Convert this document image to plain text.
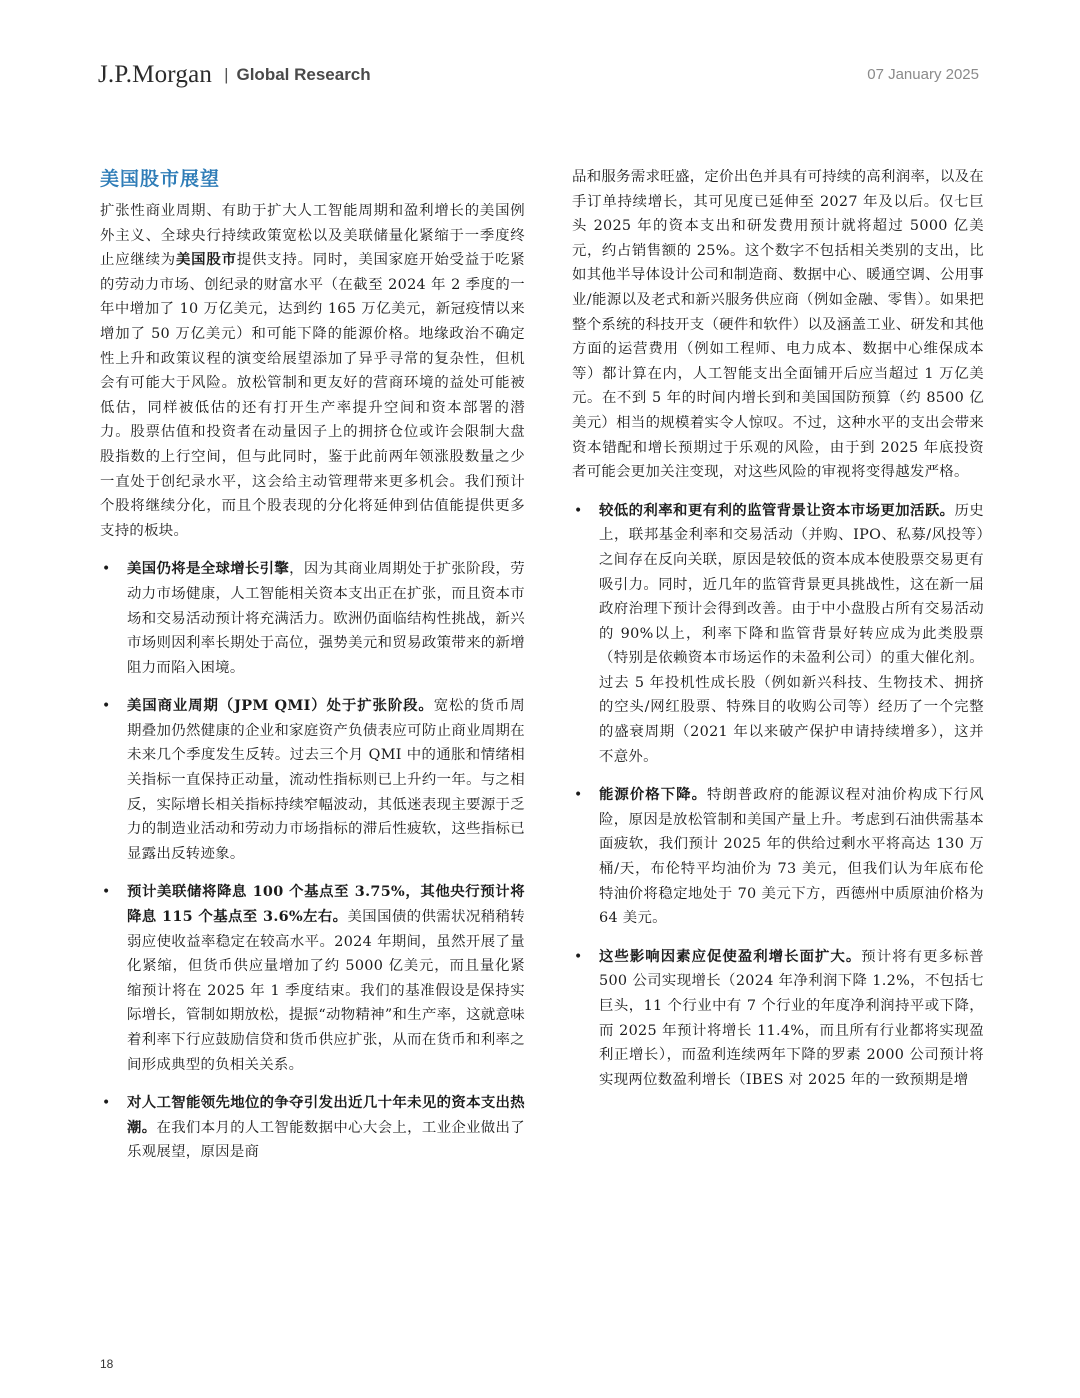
J.P.Morgan | Global Research	07 January 2025
美国股市展望

扩张性商业周期、有助于扩大人工智能周期和盈利增长的美国例外主义、全球央行持续政策宽松以及美联储量化紧缩于一季度终止应继续为美国股市提供支持。同时，美国家庭开始受益于吃紧的劳动力市场、创纪录的财富水平（在截至 2024 年 2 季度的一年中增加了 10 万亿美元，达到约 165 万亿美元，新冠疫情以来增加了 50 万亿美元）和可能下降的能源价格。地缘政治不确定性上升和政策议程的演变给展望添加了异乎寻常的复杂性，但机会有可能大于风险。放松管制和更友好的营商环境的益处可能被低估，同样被低估的还有打开生产率提升空间和资本部署的潜力。股票估值和投资者在动量因子上的拥挤仓位或许会限制大盘股指数的上行空间，但与此同时，鉴于此前两年领涨股数量之少一直处于创纪录水平，这会给主动管理带来更多机会。我们预计个股将继续分化，而且个股表现的分化将延伸到估值能提供更多支持的板块。

• 美国仍将是全球增长引擎，因为其商业周期处于扩张阶段，劳动力市场健康，人工智能相关资本支出正在扩张，而且资本市场和交易活动预计将充满活力。欧洲仍面临结构性挑战，新兴市场则因利率长期处于高位，强势美元和贸易政策带来的新增阻力而陷入困境。
• 美国商业周期（JPM QMI）处于扩张阶段。宽松的货币周期叠加仍然健康的企业和家庭资产负债表应可防止商业周期在未来几个季度发生反转。过去三个月 QMI 中的通胀和情绪相关指标一直保持正动量，流动性指标则已上升约一年。与之相反，实际增长相关指标持续窄幅波动，其低迷表现主要源于乏力的制造业活动和劳动力市场指标的滞后性疲软，这些指标已显露出反转迹象。
• 预计美联储将降息 100 个基点至 3.75%，其他央行预计将降息 115 个基点至 3.6%左右。美国国债的供需状况稍稍转弱应使收益率稳定在较高水平。2024 年期间，虽然开展了量化紧缩，但货币供应量增加了约 5000 亿美元，而且量化紧缩预计将在 2025 年 1 季度结束。我们的基准假设是保持实际增长，管制如期放松，提振“动物精神”和生产率，这就意味着利率下行应鼓励信贷和货币供应扩张，从而在货币和利率之间形成典型的负相关关系。
• 对人工智能领先地位的争夺引发出近几十年未见的资本支出热潮。在我们本月的人工智能数据中心大会上，工业企业做出了乐观展望，原因是商

品和服务需求旺盛，定价出色并具有可持续的高利润率，以及在手订单持续增长，其可见度已延伸至 2027 年及以后。仅七巨头 2025 年的资本支出和研发费用预计就将超过 5000 亿美元，约占销售额的 25%。这个数字不包括相关类别的支出，比如其他半导体设计公司和制造商、数据中心、暖通空调、公用事业/能源以及老式和新兴服务供应商（例如金融、零售）。如果把整个系统的科技开支（硬件和软件）以及涵盖工业、研发和其他方面的运营费用（例如工程师、电力成本、数据中心维保成本等）都计算在内，人工智能支出全面铺开后应当超过 1 万亿美元。在不到 5 年的时间内增长到和美国国防预算（约 8500 亿美元）相当的规模着实令人惊叹。不过，这种水平的支出会带来资本错配和增长预期过于乐观的风险，由于到 2025 年底投资者可能会更加关注变现，对这些风险的审视将变得越发严格。

• 较低的利率和更有利的监管背景让资本市场更加活跃。历史上，联邦基金利率和交易活动（并购、IPO、私募/风投等）之间存在反向关联，原因是较低的资本成本使股票交易更有吸引力。同时，近几年的监管背景更具挑战性，这在新一届政府治理下预计会得到改善。由于中小盘股占所有交易活动的 90%以上，利率下降和监管背景好转应成为此类股票（特别是依赖资本市场运作的未盈利公司）的重大催化剂。过去 5 年投机性成长股（例如新兴科技、生物技术、拥挤的空头/网红股票、特殊目的收购公司等）经历了一个完整的盛衰周期（2021 年以来破产保护申请持续增多），这并不意外。
• 能源价格下降。特朗普政府的能源议程对油价构成下行风险，原因是放松管制和美国产量上升。考虑到石油供需基本面疲软，我们预计 2025 年的供给过剩水平将高达 130 万桶/天，布伦特平均油价为 73 美元，但我们认为年底布伦特油价将稳定地处于 70 美元下方，西德州中质原油价格为 64 美元。
• 这些影响因素应促使盈利增长面扩大。预计将有更多标普 500 公司实现增长（2024 年净利润下降 1.2%，不包括七巨头，11 个行业中有 7 个行业的年度净利润持平或下降，而 2025 年预计将增长 11.4%，而且所有行业都将实现盈利正增长），而盈利连续两年下降的罗素 2000 公司预计将实现两位数盈利增长（IBES 对 2025 年的一致预期是增
18
